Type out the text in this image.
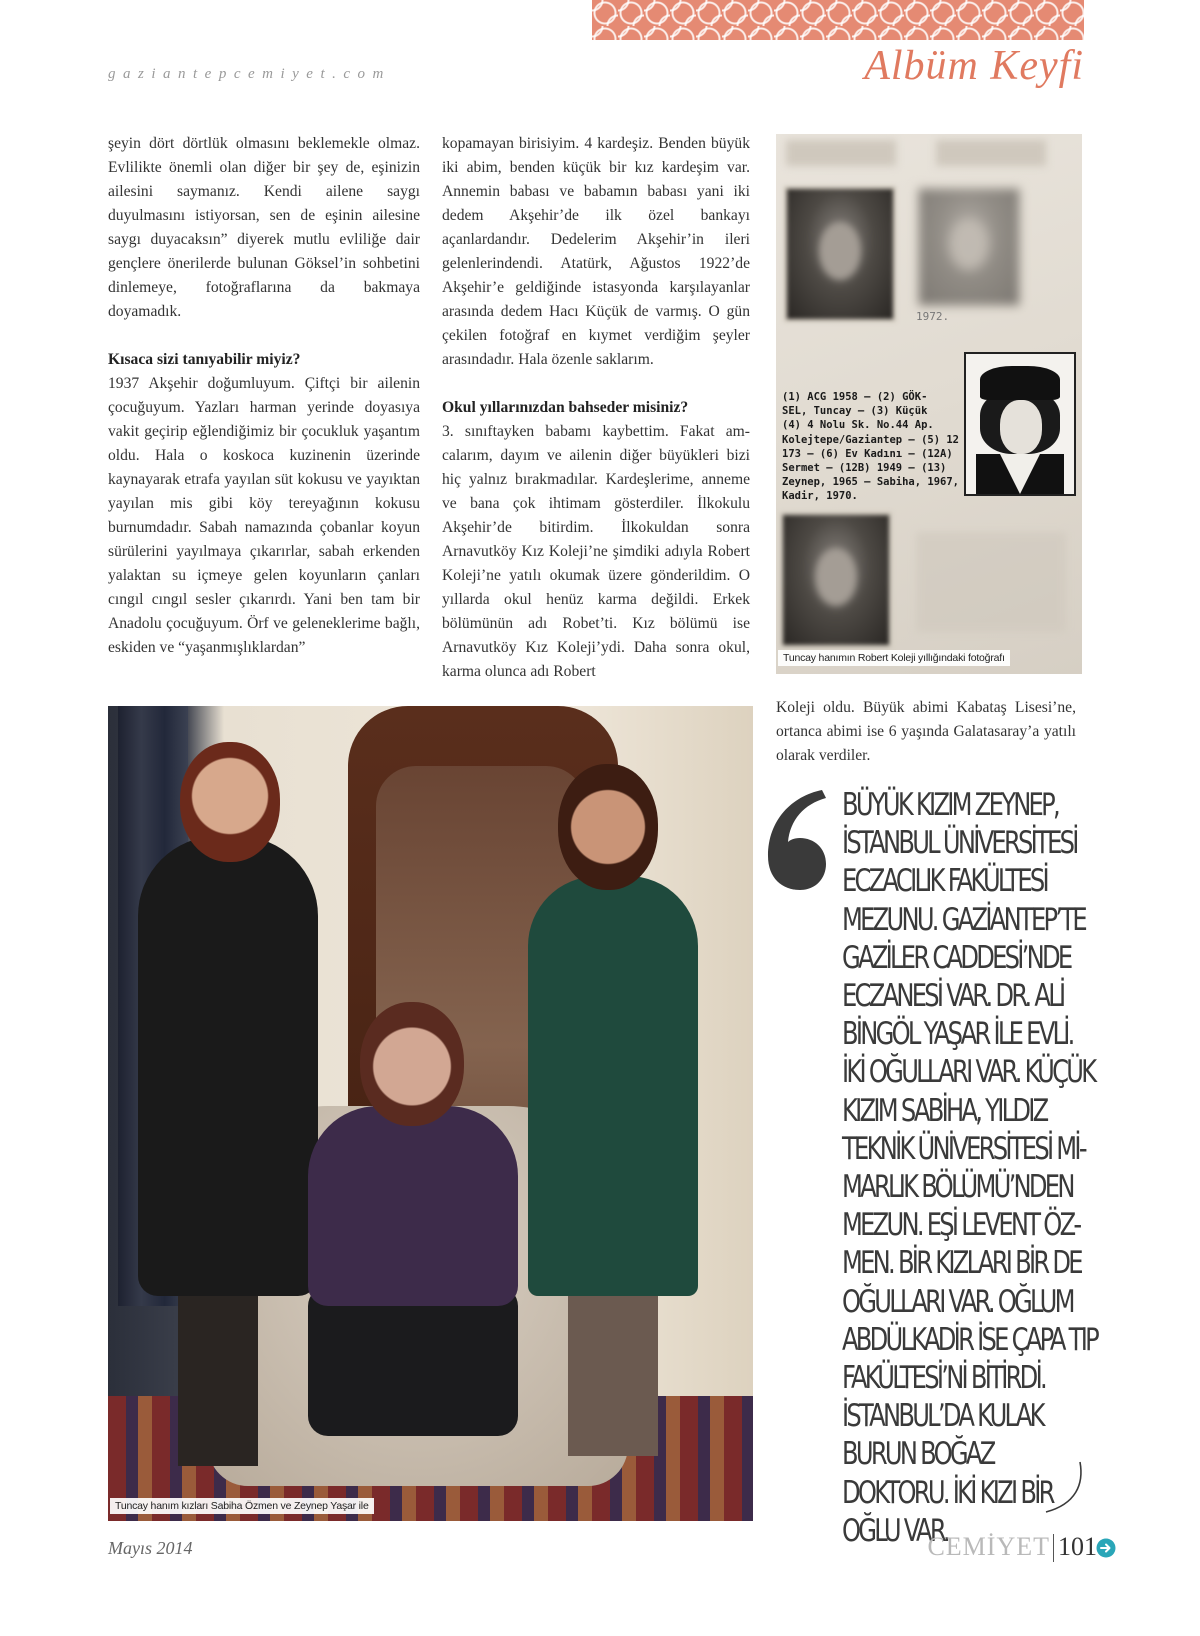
gaziantepcemiyet.com	Albüm Keyfi

şeyin dört dörtlük olmasını beklemekle olmaz. Evlilikte önemli olan diğer bir şey de, eşinizin ailesini saymanız. Kendi ailene saygı duyulmasını istiyorsan, sen de eşinin ailesine saygı duyacaksın” diyerek mutlu evliliğe dair gençlere önerilerde bulunan Göksel’in sohbetini dinlemeye, fotoğraflarına da bakmaya doyamadık.

Kısaca sizi tanıyabilir miyiz?

1937 Akşehir doğumluyum. Çiftçi bir ailenin çocuğuyum. Yazları harman yerinde doyasıya vakit geçirip eğlendiğimiz bir çocukluk yaşantım oldu. Hala o koskoca kuzinenin üzerinde kaynayarak etrafa yayılan süt kokusu ve yayıktan yayılan mis gibi köy tereyağının kokusu burnumdadır. Sabah namazında çobanlar koyun sürülerini yayılmaya çıkarırlar, sabah erkenden yalaktan su içmeye gelen koyunların çanları cıngıl cıngıl sesler çıkarırdı. Yani ben tam bir Anadolu çocuğuyum. Örf ve geleneklerime bağlı, eskiden ve “yaşanmışlıklardan”

kopamayan birisiyim. 4 kardeşiz. Benden büyük iki abim, benden küçük bir kız kardeşim var. Annemin babası ve babamın babası yani iki dedem Akşehir’de ilk özel bankayı açanlardandır. Dedelerim Akşehir’in ileri gelenlerindendi. Atatürk, Ağustos 1922’de Akşehir’e geldiğinde istasyonda karşılayanlar arasında dedem Hacı Küçük de varmış. O gün çekilen fotoğraf en kıymet verdiğim şeyler arasındadır. Hala özenle saklarım.

Okul yıllarınızdan bahseder misiniz?

3. sınıftayken babamı kaybettim. Fakat amcalarım, dayım ve ailenin diğer büyükleri bizi hiç yalnız bırakmadılar. Kardeşlerime, anneme ve bana çok ihtimam gösterdiler. İlkokulu Akşehir’de bitirdim. İlkokuldan sonra Arnavutköy Kız Koleji’ne şimdiki adıyla Robert Koleji’ne yatılı okumak üzere gönderildim. O yıllarda okul henüz karma değildi. Erkek bölümünün adı Robet’ti. Kız bölümü ise Arnavutköy Kız Koleji’ydi. Daha sonra okul, karma olunca adı Robert

1972.
(1) ACG 1958 — (2) GÖK-
SEL, Tuncay — (3) Küçük
(4) 4 Nolu Sk. No.44 Ap.
Kolejtepe/Gaziantep — (5) 12
173 — (6) Ev Kadını — (12A)
Sermet — (12B) 1949 — (13)
Zeynep, 1965 — Sabiha, 1967,
Kadir, 1970.
Tuncay hanımın Robert Koleji yıllığındaki fotoğrafı

Koleji oldu. Büyük abimi Kabataş Lisesi’ne, ortanca abimi ise 6 yaşında Galatasaray’a yatılı olarak verdiler.

Tuncay hanım kızları Sabiha Özmen ve Zeynep Yaşar ile
BÜYÜK KIZIM ZEYNEP, İSTANBUL ÜNİVERSİTESİ ECZACILIK FAKÜLTESİ MEZUNU. GAZİANTEP’TE GAZİLER CADDESİ’NDE ECZANESİ VAR. DR. ALİ BİNGÖL YAŞAR İLE EVLİ. İKİ OĞULLARI VAR. KÜÇÜK KIZIM SABİHA, YILDIZ TEKNİK ÜNİVERSİTESİ MİMARLIK BÖLÜMÜ’NDEN MEZUN. EŞİ LEVENT ÖZMEN. BİR KIZLARI BİR DE OĞULLARI VAR. OĞLUM ABDÜLKADİR İSE ÇAPA TIP FAKÜLTESİ’Nİ BİTİRDİ. İSTANBUL’DA KULAK BURUN BOĞAZ DOKTORU. İKİ KIZI BİR OĞLU VAR.
Mayıs 2014	CEMİYET 101
